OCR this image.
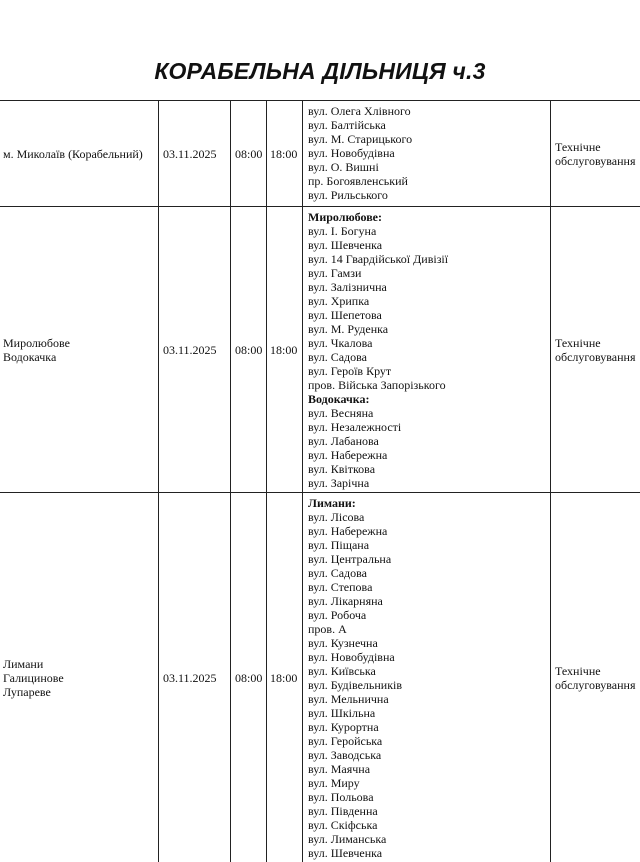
КОРАБЕЛЬНА ДІЛЬНИЦЯ ч.3
м. Миколаїв (Корабельний) 03.11.2025 08:00 18:00
вул. Олега Хлівного
вул. Балтійська
вул. М. Старицького
вул. Новобудівна
вул. О. Вишні
пр. Богоявленський
вул. Рильського
Технічне
обслуговування
Миролюбове
Водокачка	03.11.2025 08:00 18:00
Миролюбове:
вул. І. Богуна
вул. Шевченка
вул. 14 Гвардійської Дивізії
вул. Гамзи
вул. Залізнична
вул. Хрипка
вул. Шепетова
вул. М. Руденка
вул. Чкалова
вул. Садова
вул. Героїв Крут
пров. Війська Запорізького
Водокачка:
вул. Весняна
вул. Незалежності
вул. Лабанова
вул. Набережна
вул. Квіткова
вул. Зарічна
Технічне
обслуговування
Лимани
Галицинове
Лупареве
03.11.2025 08:00 18:00
Лимани:
вул. Лісова
вул. Набережна
вул. Піщана
вул. Центральна
вул. Садова
вул. Степова
вул. Лікарняна
вул. Робоча
пров. А
вул. Кузнечна
вул. Новобудівна
вул. Київська
вул. Будівельників
вул. Мельнична
вул. Шкільна
вул. Курортна
вул. Геройська
вул. Заводська
вул. Маячна
вул. Миру
вул. Польова
вул. Південна
вул. Скіфська
вул. Лиманська
вул. Шевченка
Технічне
обслуговування
